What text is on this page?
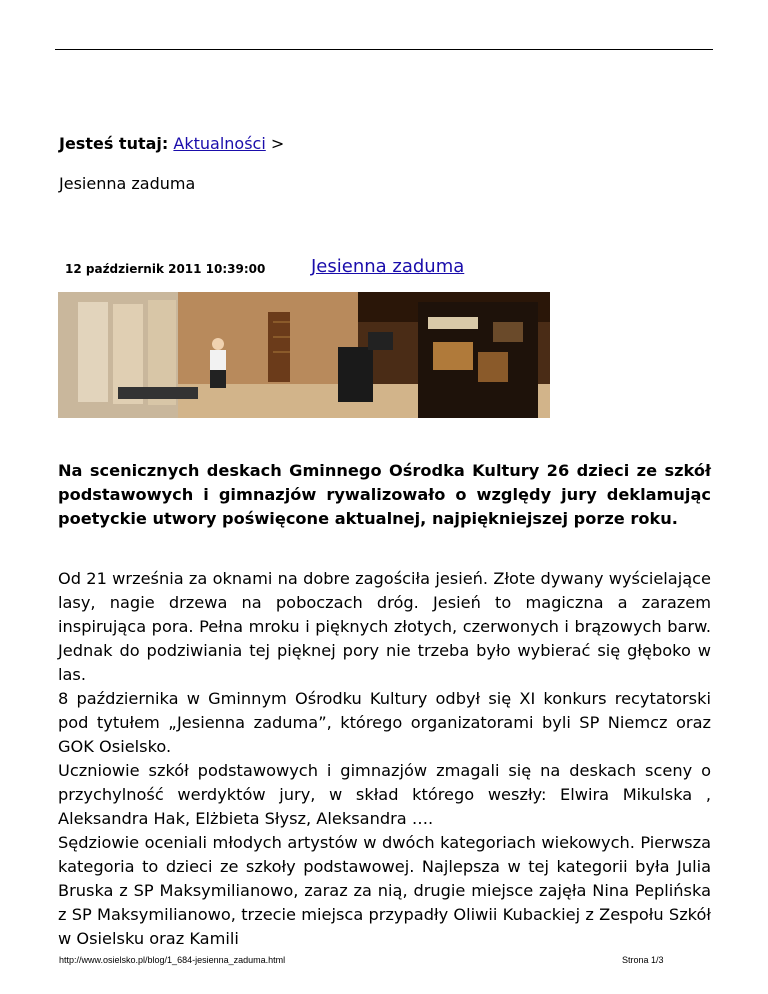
Jesteś tutaj: Aktualności >
Jesienna zaduma
12 październik 2011 10:39:00	Jesienna zaduma
Na scenicznych deskach Gminnego Ośrodka Kultury 26 dzieci ze szkół podstawowych i gimnazjów rywalizowało o względy jury deklamując poetyckie utwory poświęcone aktualnej, najpiękniejszej porze roku.

Od 21 września za oknami na dobre zagościła jesień. Złote dywany wyścielające lasy, nagie drzewa na poboczach dróg. Jesień to magiczna a zarazem inspirująca pora. Pełna mroku i pięknych złotych, czerwonych i brązowych barw. Jednak do podziwiania tej pięknej pory nie trzeba było wybierać się głęboko w las.

8 października w Gminnym Ośrodku Kultury odbył się XI konkurs recytatorski pod tytułem „Jesienna zaduma”, którego organizatorami byli SP Niemcz oraz GOK Osielsko.

Uczniowie szkół podstawowych i gimnazjów zmagali się na deskach sceny o przychylność werdyktów jury, w skład którego weszły: Elwira Mikulska , Aleksandra Hak, Elżbieta Słysz, Aleksandra ….

Sędziowie oceniali młodych artystów w dwóch kategoriach wiekowych. Pierwsza kategoria to dzieci ze szkoły podstawowej. Najlepsza w tej kategorii była Julia Bruska z SP Maksymilianowo, zaraz za nią, drugie miejsce zajęła Nina Peplińska z SP Maksymilianowo, trzecie miejsca przypadły Oliwii Kubackiej z Zespołu Szkół w Osielsku oraz Kamili

http://www.osielsko.pl/blog/1_684-jesienna_zaduma.html	Strona 1/3
